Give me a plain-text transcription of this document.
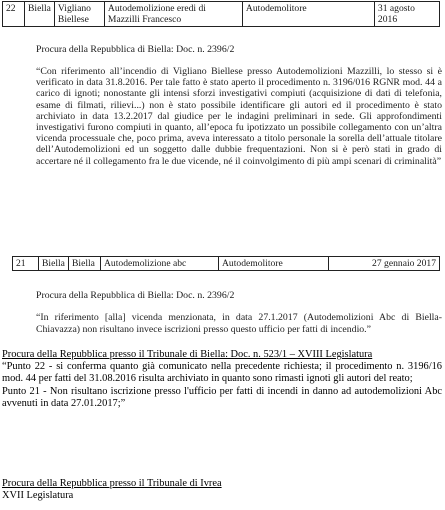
22	Biella	Vigliano Biellese	Autodemolizione eredi di Mazzilli Francesco	Autodemolitore	31 agosto 2016
Procura della Repubblica di Biella: Doc. n. 2396/2
“Con riferimento all’incendio di Vigliano Biellese presso Autodemolizioni Mazzilli, lo stesso si è verificato in data 31.8.2016. Per tale fatto è stato aperto il procedimento n. 3196/016 RGNR mod. 44 a carico di ignoti; nonostante gli intensi sforzi investigativi compiuti (acquisizione di dati di telefonia, esame di filmati, rilievi...) non è stato possibile identificare gli autori ed il procedimento è stato archiviato in data 13.2.2017 dal giudice per le indagini preliminari in sede. Gli approfondimenti investigativi furono compiuti in quanto, all’epoca fu ipotizzato un possibile collegamento con un’altra vicenda processuale che, poco prima, aveva interessato a titolo personale la sorella dell’attuale titolare dell’Autodemolizioni ed un soggetto dalle dubbie frequentazioni. Non si è però stati in grado di accertare né il collegamento fra le due vicende, né il coinvolgimento di più ampi scenari di criminalità”
21	Biella	Biella	Autodemolizione abc	Autodemolitore	27 gennaio 2017
Procura della Repubblica di Biella: Doc. n. 2396/2
“In riferimento [alla] vicenda menzionata, in data 27.1.2017 (Autodemolizioni Abc di Biella-Chiavazza) non risultano invece iscrizioni presso questo ufficio per fatti di incendio.”
Procura della Repubblica presso il Tribunale di Biella: Doc. n. 523/1 – XVIII Legislatura

“Punto 22 - si conferma quanto già comunicato nella precedente richiesta; il procedimento n. 3196/16 mod. 44 per fatti del 31.08.2016 risulta archiviato in quanto sono rimasti ignoti gli autori del reato;

Punto 21 - Non risultano iscrizione presso l'ufficio per fatti di incendi in danno ad autodemolizioni Abc avvenuti in data 27.01.2017;”

Procura della Repubblica presso il Tribunale di Ivrea
XVII Legislatura
